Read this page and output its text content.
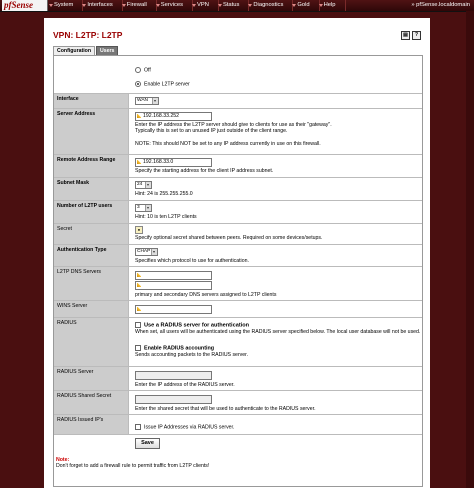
pfSense	System	Interfaces	Firewall	Services	VPN	Status	Diagnostics	Gold	Help	» pfSense.localdomain
VPN: L2TP: L2TP	▤	?
Configuration	Users
Off
Enable L2TP server
Interface	WAN
Server Address	192.168.33.252
Enter the IP address the L2TP server should give to clients for use as their "gateway".
Typically this is set to an unused IP just outside of the client range.
NOTE: This should NOT be set to any IP address currently in use on this firewall.
Remote Address Range	192.168.33.0
Specify the starting address for the client IP address subnet.
Subnet Mask	24
Hint: 24 is 255.255.255.0
Number of L2TP users	3
Hint: 10 is ten L2TP clients
Secret	●
Specify optional secret shared between peers. Required on some devices/setups.
Authentication Type	CHAP
Specifies which protocol to use for authentication.
L2TP DNS Servers
primary and secondary DNS servers assigned to L2TP clients
WINS Server
RADIUS	Use a RADIUS server for authentication
When set, all users will be authenticated using the RADIUS server specified below. The local user database will not be used.
Enable RADIUS accounting
Sends accounting packets to the RADIUS server.
RADIUS Server
Enter the IP address of the RADIUS server.
RADIUS Shared Secret
Enter the shared secret that will be used to authenticate to the RADIUS server.
RADIUS Issued IP's
Issue IP Addresses via RADIUS server.
Save
Note:
Don't forget to add a firewall rule to permit traffic from L2TP clients!
